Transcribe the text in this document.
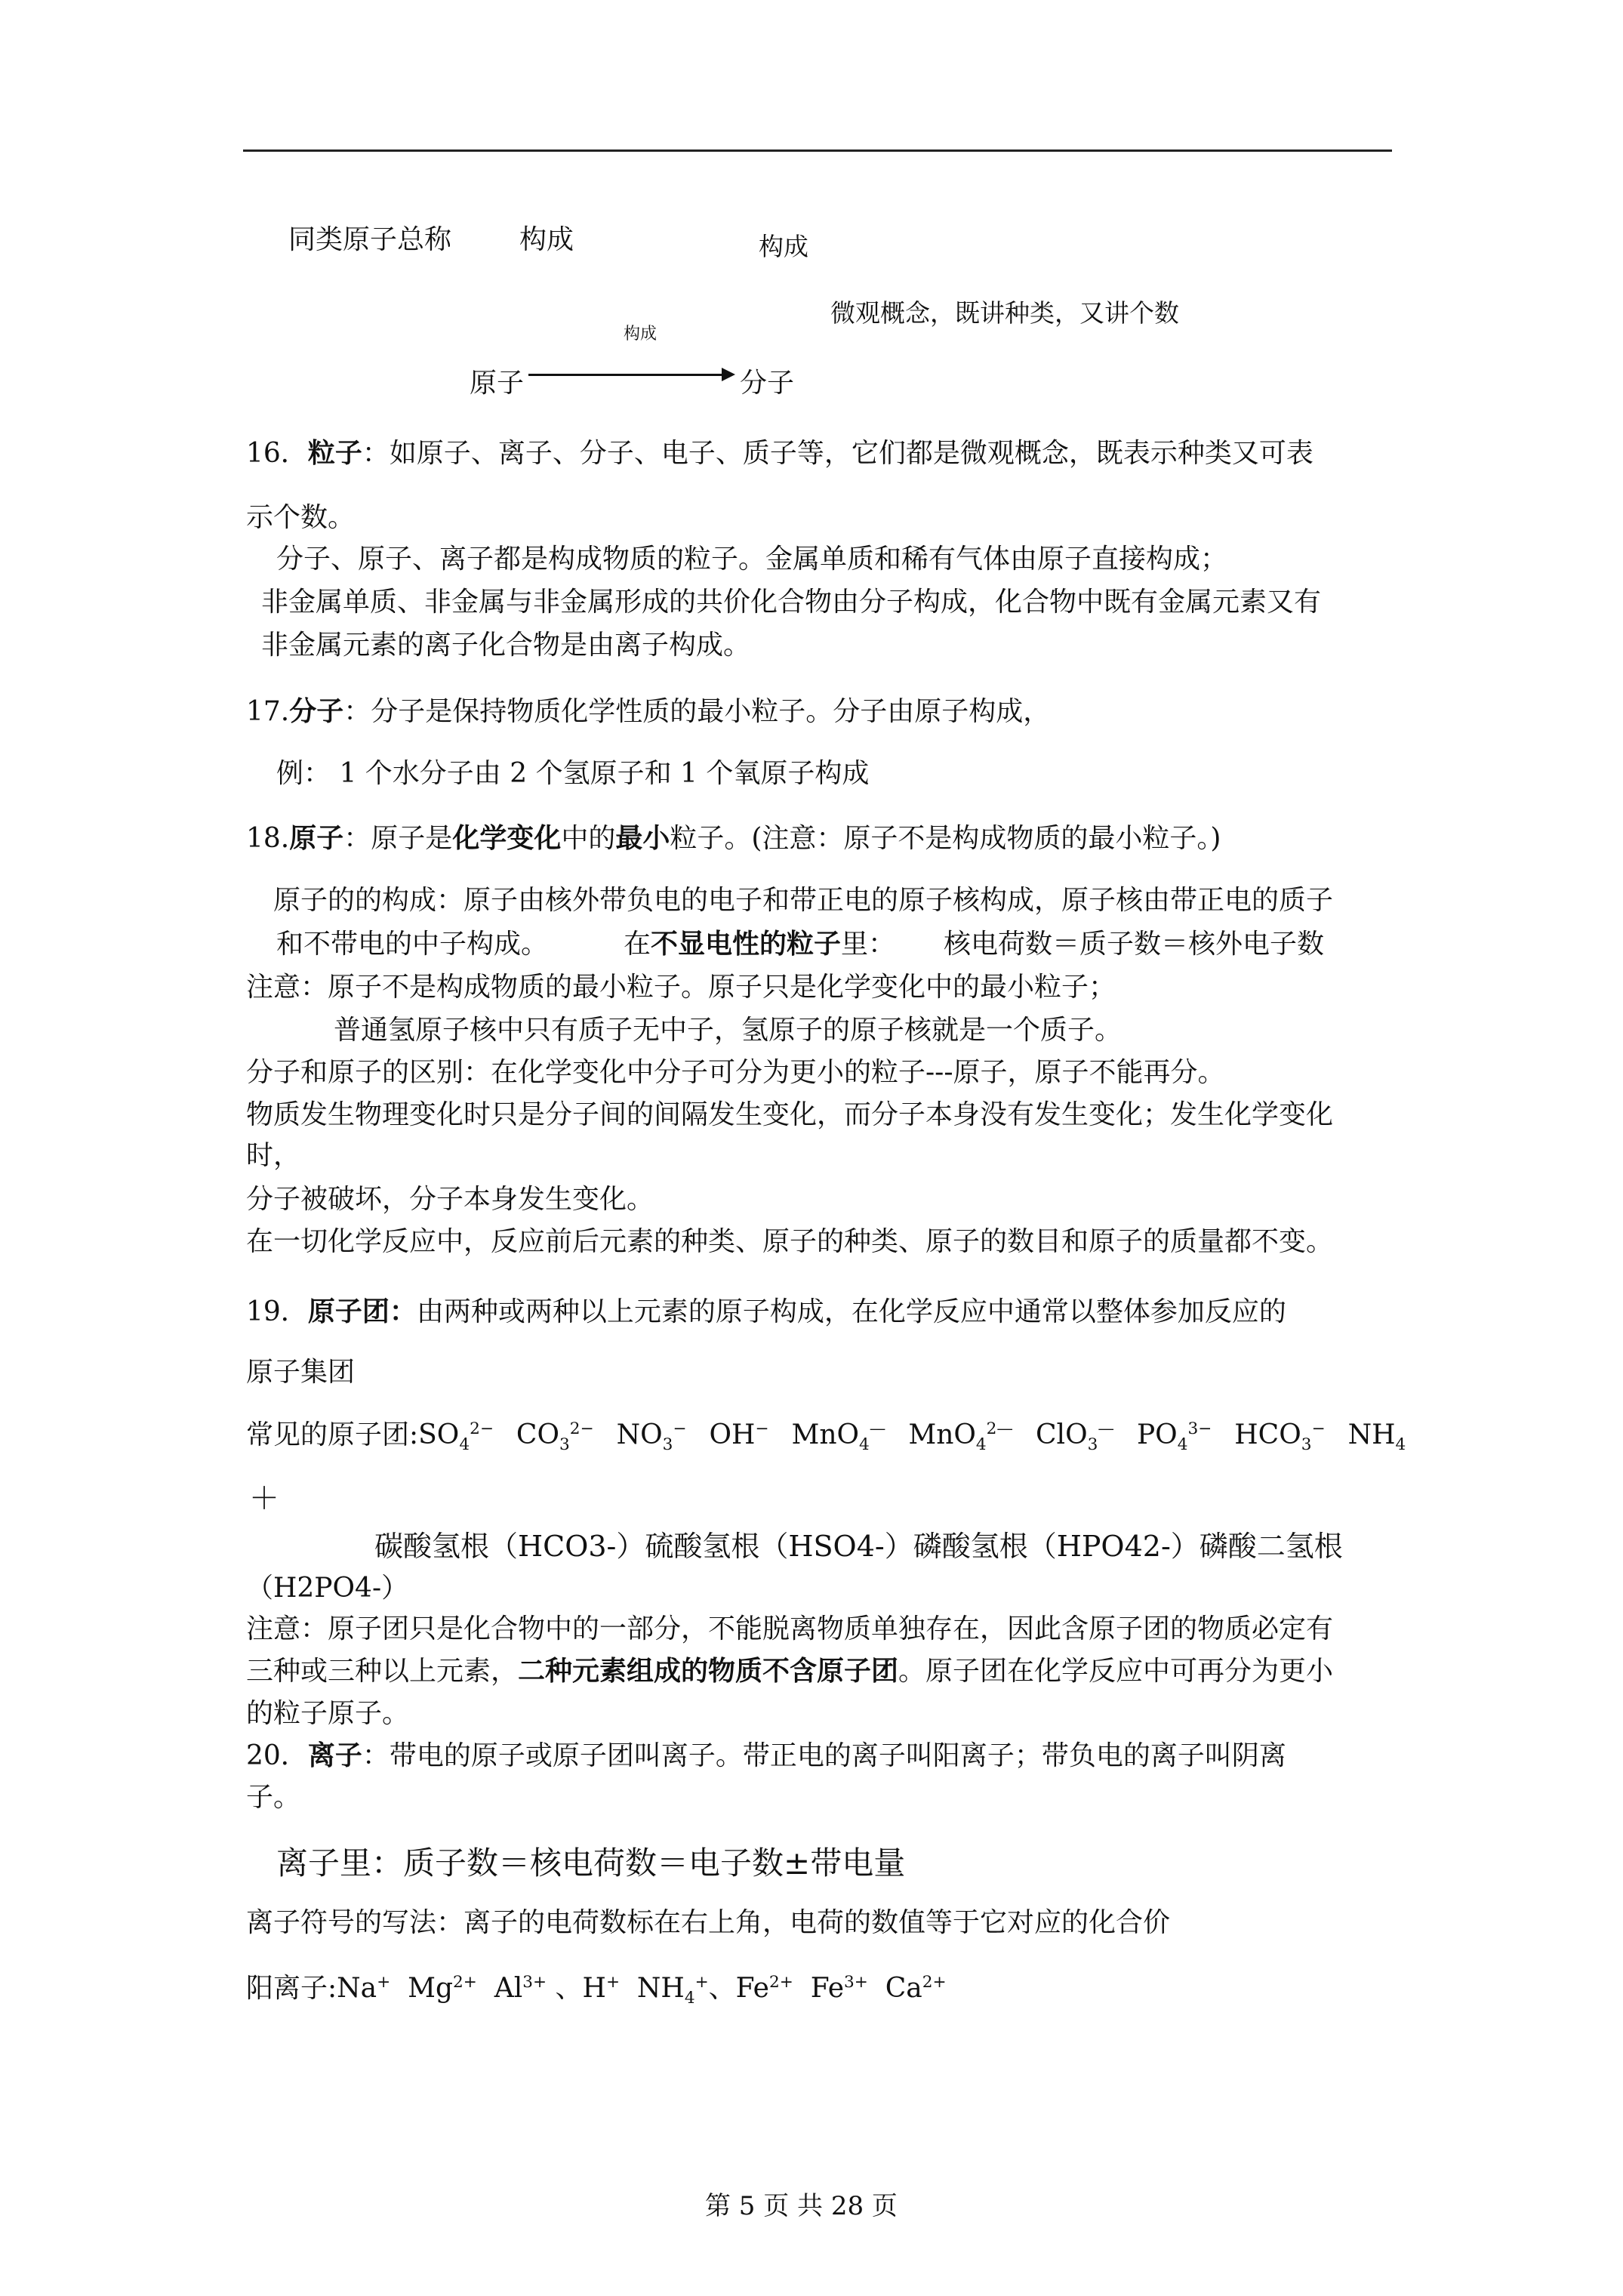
同类原子总称 构成	构成
微观概念，既讲种类，又讲个数
构成
原子	分子
16．粒子：如原子、离子、分子、电子、质子等，它们都是微观概念，既表示种类又可表
示个数。
分子、原子、离子都是构成物质的粒子。金属单质和稀有气体由原子直接构成；
非金属单质、非金属与非金属形成的共价化合物由分子构成，化合物中既有金属元素又有
非金属元素的离子化合物是由离子构成。
17.分子：分子是保持物质化学性质的最小粒子。分子由原子构成，
例： 1 个水分子由 2 个氢原子和 1 个氧原子构成
18.原子：原子是化学变化中的最小粒子。(注意：原子不是构成物质的最小粒子。)
原子的的构成：原子由核外带负电的电子和带正电的原子核构成，原子核由带正电的质子
和不带电的中子构成。	在不显电性的粒子里： 核电荷数＝质子数＝核外电子数
注意：原子不是构成物质的最小粒子。原子只是化学变化中的最小粒子；
普通氢原子核中只有质子无中子，氢原子的原子核就是一个质子。
分子和原子的区别：在化学变化中分子可分为更小的粒子---原子，原子不能再分。
物质发生物理变化时只是分子间的间隔发生变化，而分子本身没有发生变化；发生化学变化
时，
分子被破坏，分子本身发生变化。
在一切化学反应中，反应前后元素的种类、原子的种类、原子的数目和原子的质量都不变。
19．原子团：由两种或两种以上元素的原子构成，在化学反应中通常以整体参加反应的
原子集团
常见的原子团$:SO_4^{2-}$ $CO_3^{2-}$ $NO_3^-$ OH− MnO$_4$— MnO$_4^{2—}$ ClO$_3$— $PO_4^{3-}$ $HCO_3^-$ $NH_4$
＋
碳酸氢根（HCO3-）硫酸氢根（HSO4-）磷酸氢根（HPO42-）磷酸二氢根
（H2PO4-）
注意：原子团只是化合物中的一部分，不能脱离物质单独存在，因此含原子团的物质必定有
三种或三种以上元素，二种元素组成的物质不含原子团。原子团在化学反应中可再分为更小
的粒子原子。
20．离子：带电的原子或原子团叫离子。带正电的离子叫阳离子；带负电的离子叫阴离
子。
离子里：质子数＝核电荷数＝电子数±带电量
离子符号的写法：离子的电荷数标在右上角，电荷的数值等于它对应的化合价
阳离子:Na+  $Mg^{2+}$  $Al^{3+}$ 、H+  $NH_4^+$、$Fe^{2+}$  $Fe^{3+}$  $Ca^{2+}$
第 5 页 共 28 页
